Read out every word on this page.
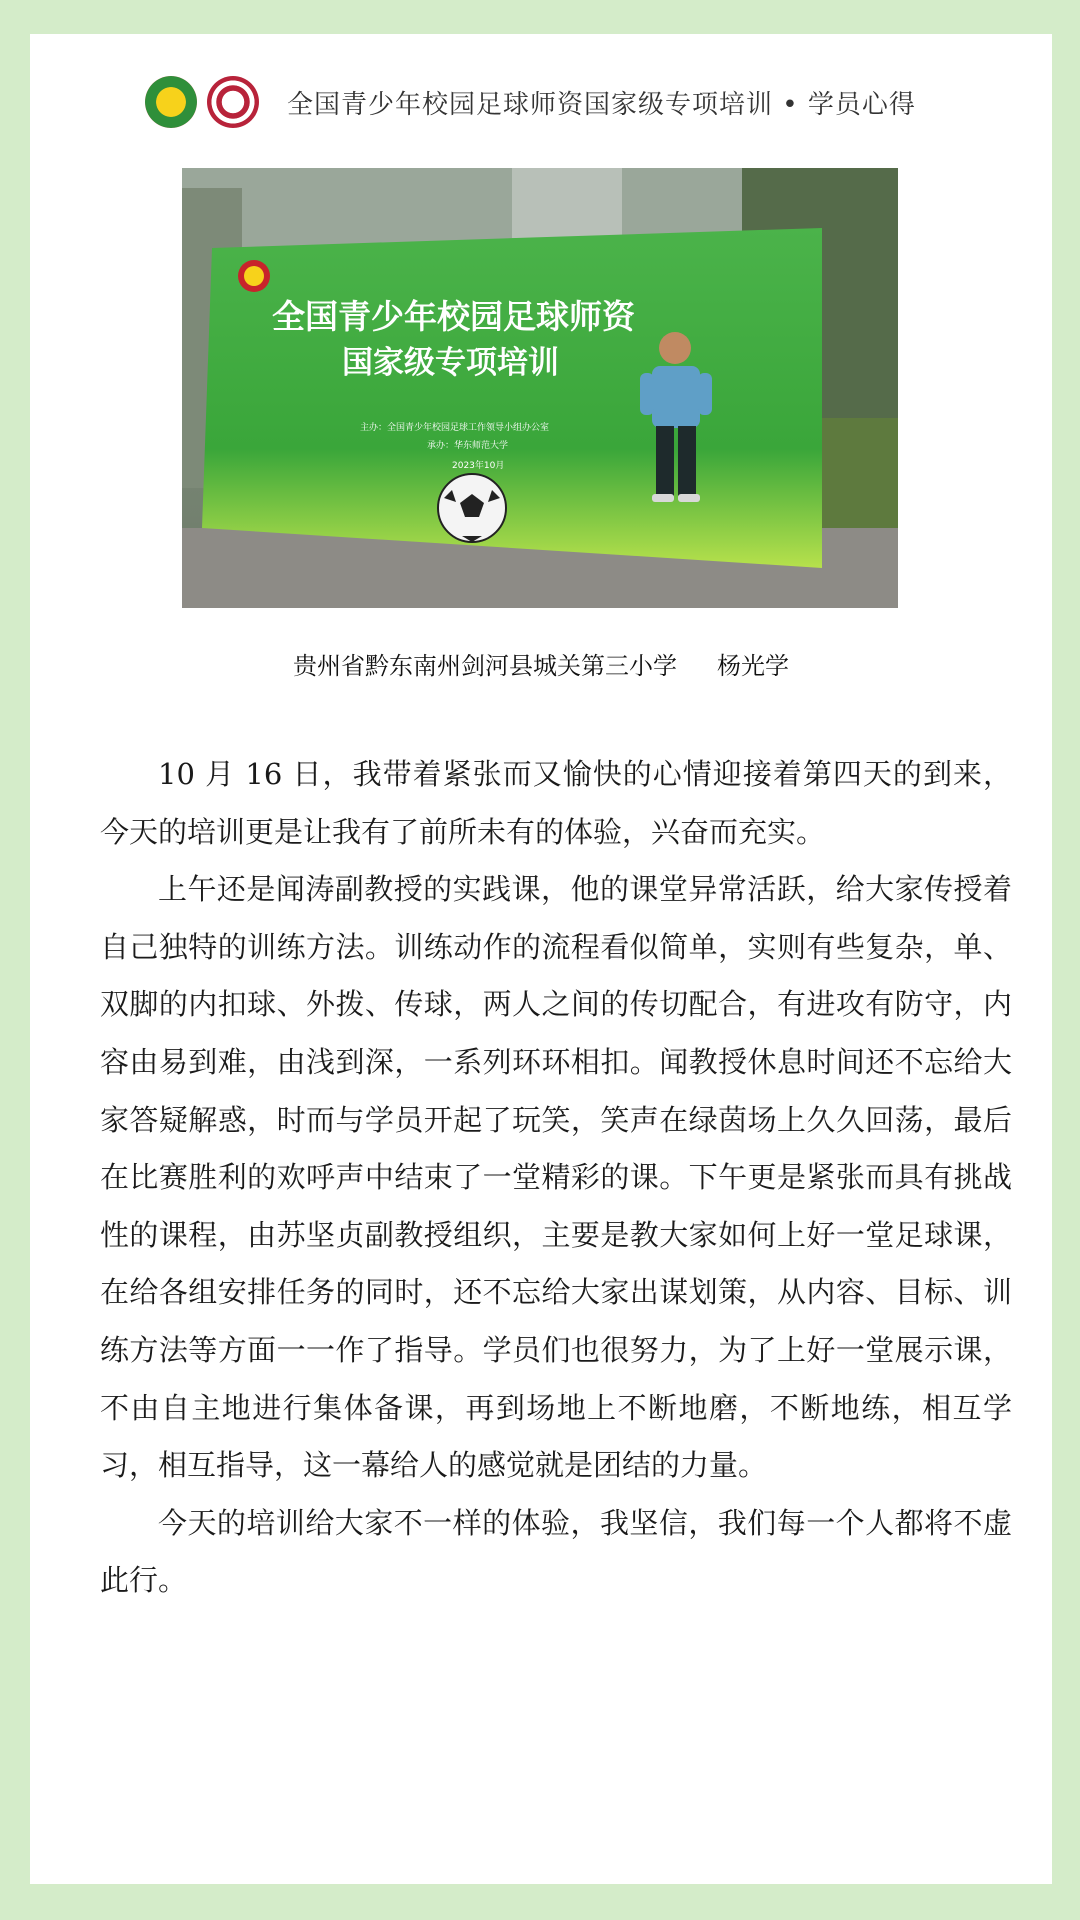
全国青少年校园足球师资国家级专项培训 • 学员心得
全国青少年校园足球师资
国家级专项培训
主办：全国青少年校园足球工作领导小组办公室
承办：华东师范大学
2023年10月
贵州省黔东南州剑河县城关第三小学 杨光学

10 月 16 日，我带着紧张而又愉快的心情迎接着第四天的到来，今天的培训更是让我有了前所未有的体验，兴奋而充实。

上午还是闻涛副教授的实践课，他的课堂异常活跃，给大家传授着自己独特的训练方法。训练动作的流程看似简单，实则有些复杂，单、双脚的内扣球、外拨、传球，两人之间的传切配合，有进攻有防守，内容由易到难，由浅到深，一系列环环相扣。闻教授休息时间还不忘给大家答疑解惑，时而与学员开起了玩笑，笑声在绿茵场上久久回荡，最后在比赛胜利的欢呼声中结束了一堂精彩的课。下午更是紧张而具有挑战性的课程，由苏坚贞副教授组织，主要是教大家如何上好一堂足球课，在给各组安排任务的同时，还不忘给大家出谋划策，从内容、目标、训练方法等方面一一作了指导。学员们也很努力，为了上好一堂展示课，不由自主地进行集体备课，再到场地上不断地磨，不断地练，相互学习，相互指导，这一幕给人的感觉就是团结的力量。

今天的培训给大家不一样的体验，我坚信，我们每一个人都将不虚此行。
